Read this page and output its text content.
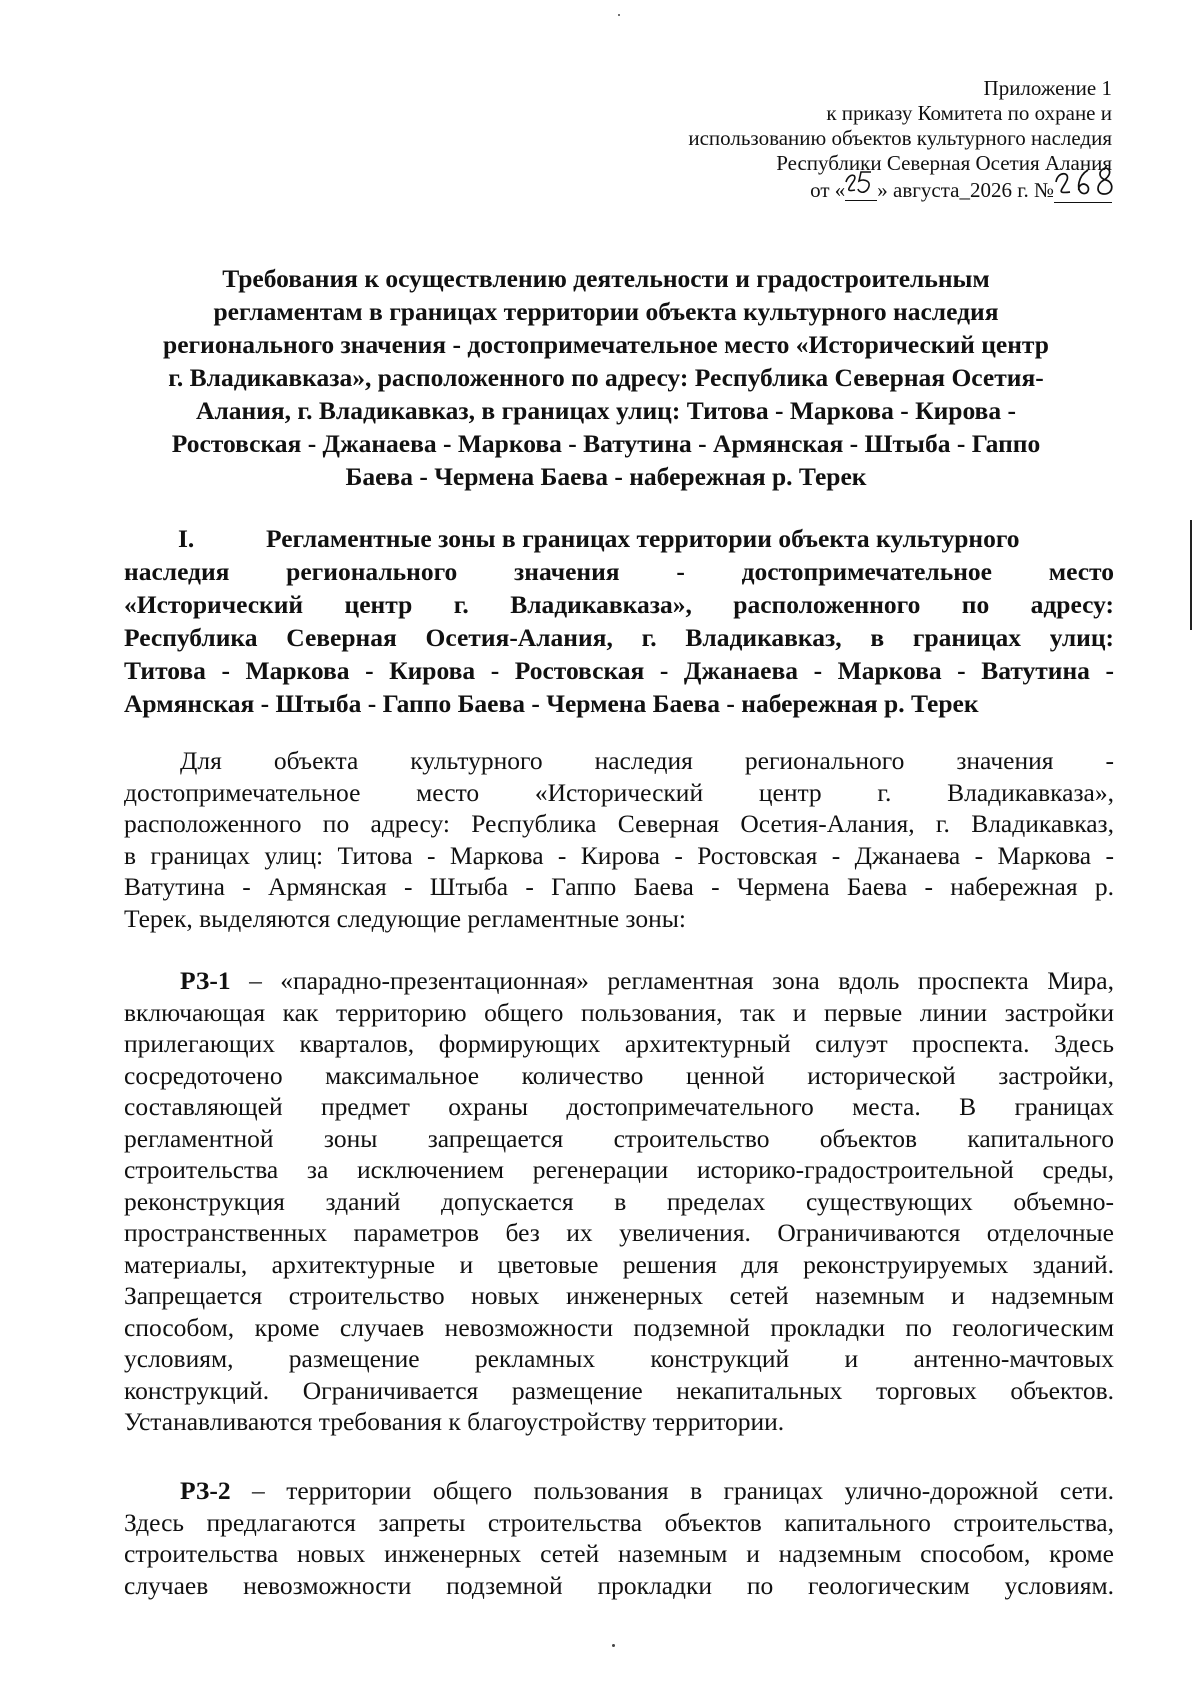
Приложение 1
к приказу Комитета по охране и
использованию объектов культурного наследия
Республики Северная Осетия Алания
от « » августа_2026 г. №
Требования к осуществлению деятельности и градостроительным
регламентам в границах территории объекта культурного наследия
регионального значения - достопримечательное место «Исторический центр
г. Владикавказа», расположенного по адресу: Республика Северная Осетия-
Алания, г. Владикавказ, в границах улиц: Титова - Маркова - Кирова -
Ростовская - Джанаева - Маркова - Ватутина - Армянская - Штыба - Гаппо
Баева - Чермена Баева - набережная р. Терек
I.	Регламентные зоны в границах территории объекта культурного
наследия регионального значения - достопримечательное место
«Исторический центр г. Владикавказа», расположенного по адресу:
Республика Северная Осетия-Алания, г. Владикавказ, в границах улиц:
Титова - Маркова - Кирова - Ростовская - Джанаева - Маркова - Ватутина -
Армянская - Штыба - Гаппо Баева - Чермена Баева - набережная р. Терек
Для объекта культурного наследия регионального значения -
достопримечательное место «Исторический центр г. Владикавказа»,
расположенного по адресу: Республика Северная Осетия-Алания, г. Владикавказ,
в границах улиц: Титова - Маркова - Кирова - Ростовская - Джанаева - Маркова -
Ватутина - Армянская - Штыба - Гаппо Баева - Чермена Баева - набережная р.
Терек, выделяются следующие регламентные зоны:
РЗ-1 – «парадно-презентационная» регламентная зона вдоль проспекта Мира,
включающая как территорию общего пользования, так и первые линии застройки
прилегающих кварталов, формирующих архитектурный силуэт проспекта. Здесь
сосредоточено максимальное количество ценной исторической застройки,
составляющей предмет охраны достопримечательного места. В границах
регламентной зоны запрещается строительство объектов капитального
строительства за исключением регенерации историко-градостроительной среды,
реконструкция зданий допускается в пределах существующих объемно-
пространственных параметров без их увеличения. Ограничиваются отделочные
материалы, архитектурные и цветовые решения для реконструируемых зданий.
Запрещается строительство новых инженерных сетей наземным и надземным
способом, кроме случаев невозможности подземной прокладки по геологическим
условиям, размещение рекламных конструкций и антенно-мачтовых
конструкций. Ограничивается размещение некапитальных торговых объектов.
Устанавливаются требования к благоустройству территории.
РЗ-2 – территории общего пользования в границах улично-дорожной сети.
Здесь предлагаются запреты строительства объектов капитального строительства,
строительства новых инженерных сетей наземным и надземным способом, кроме
случаев невозможности подземной прокладки по геологическим условиям.
